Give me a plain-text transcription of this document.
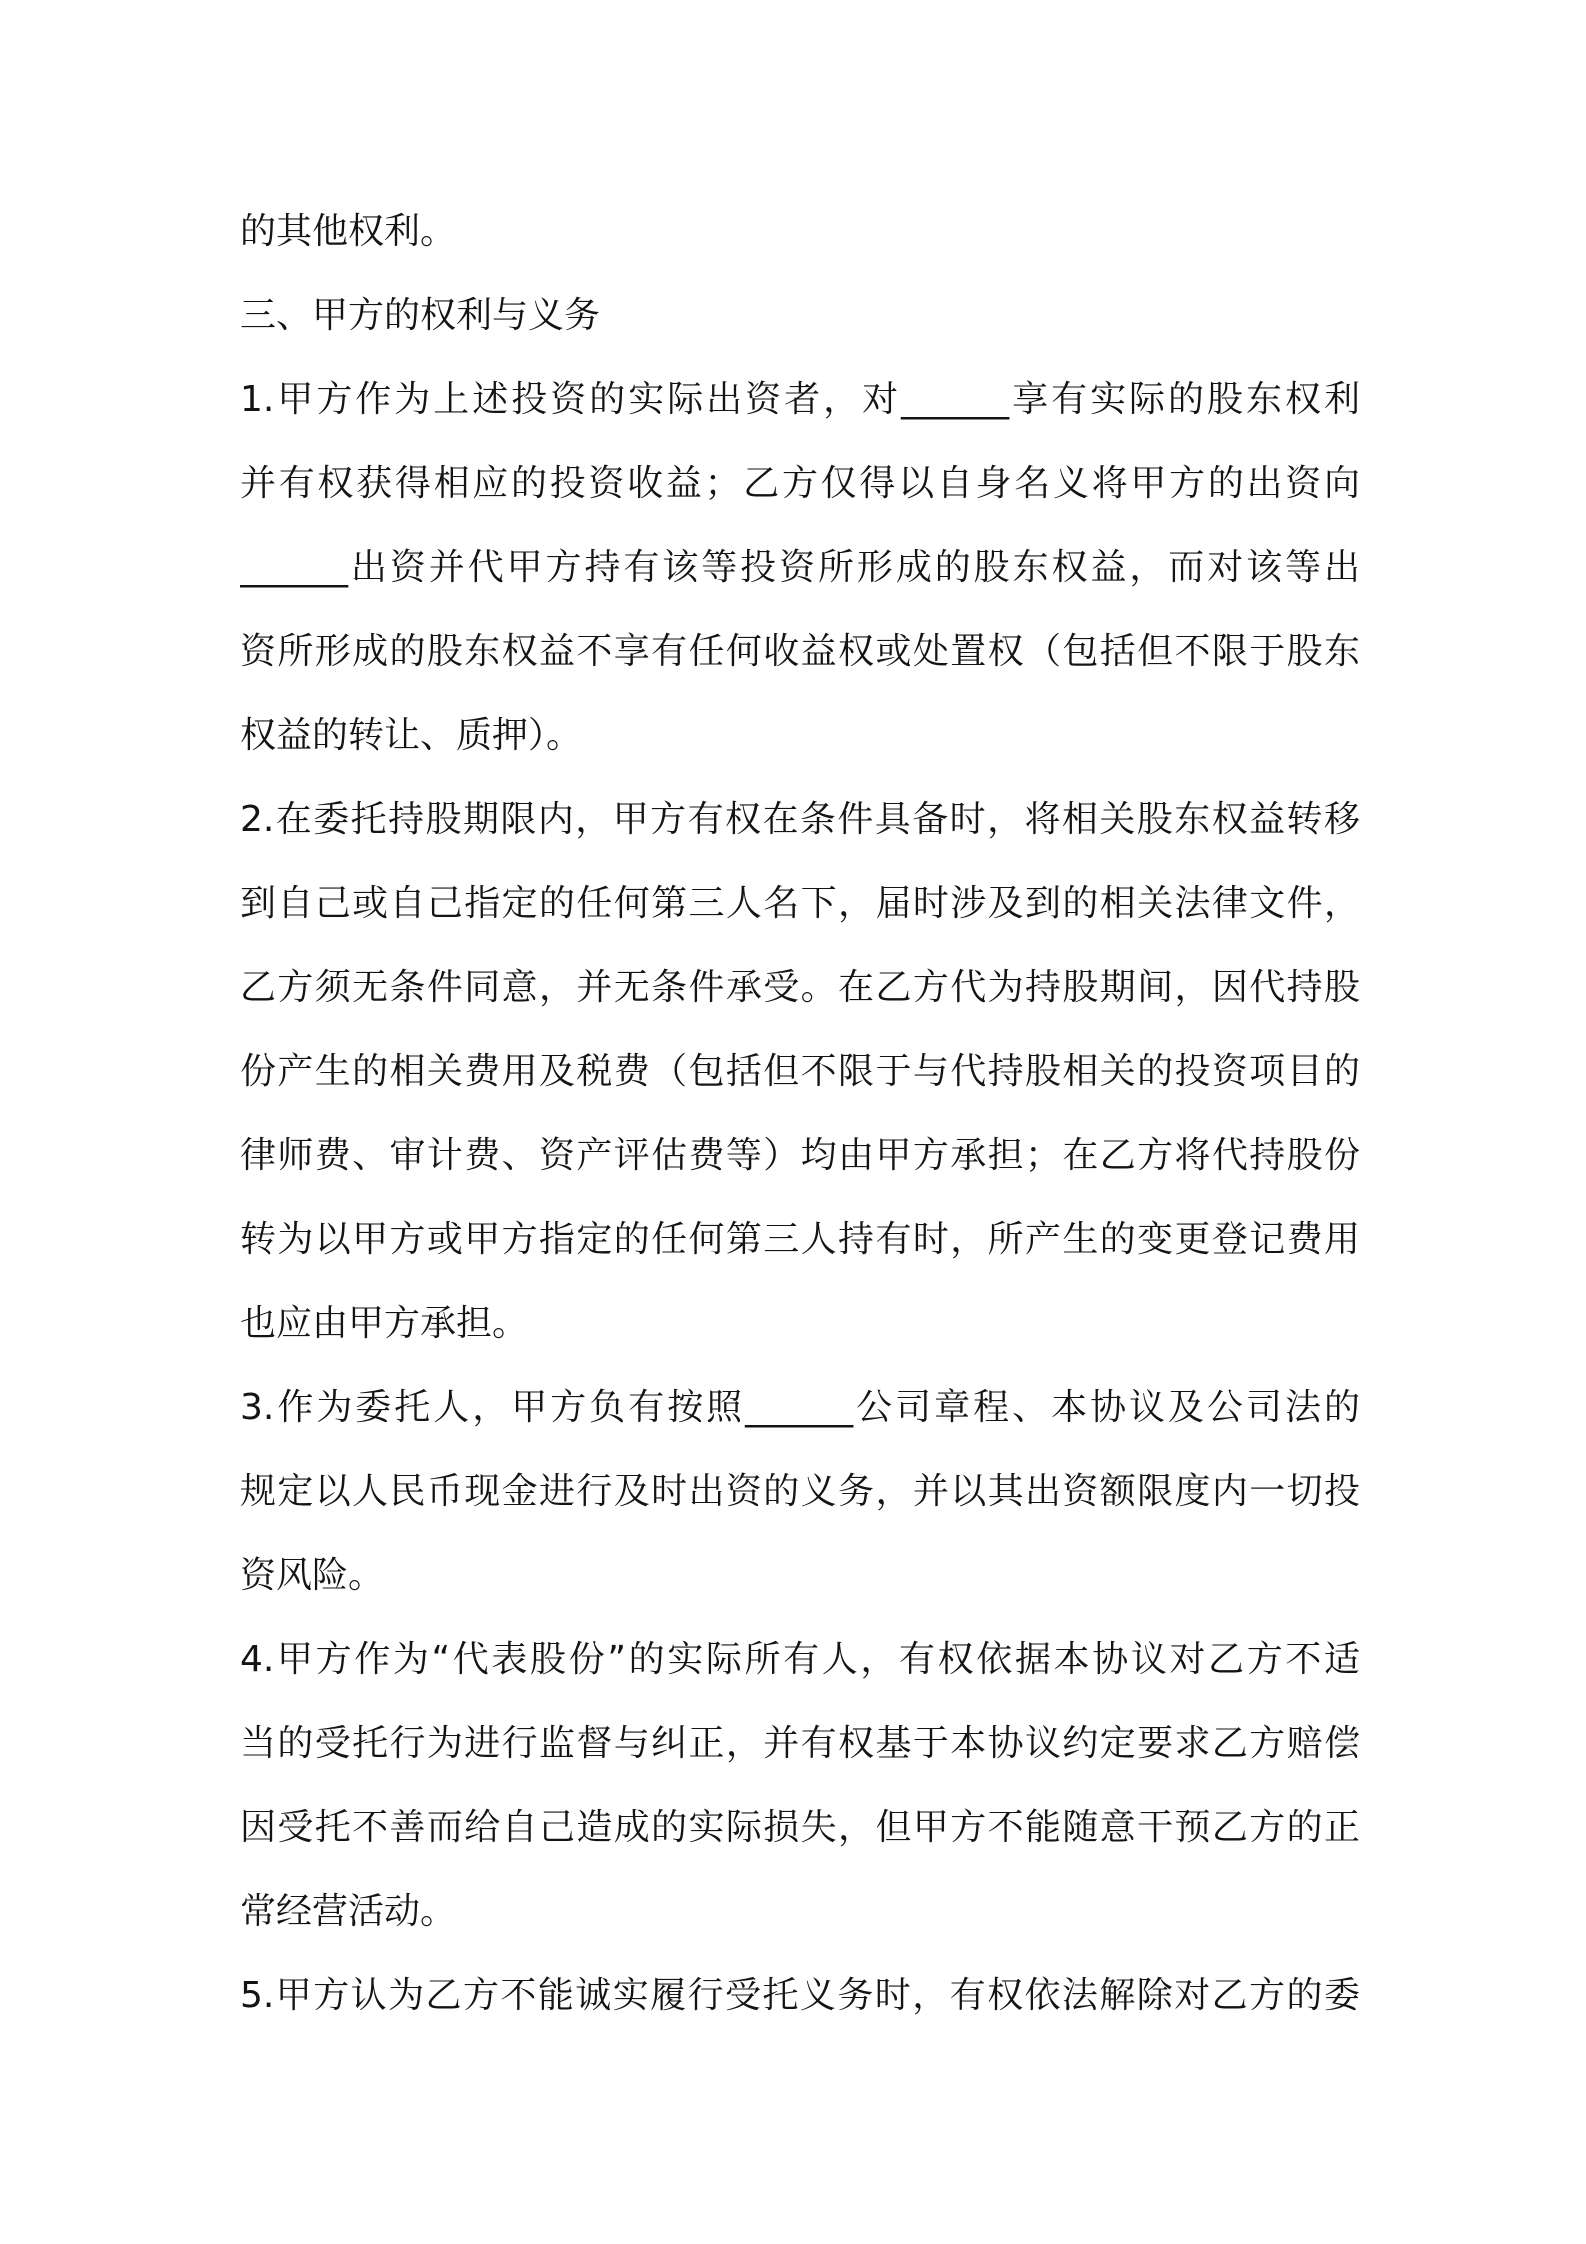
的其他权利。
三、甲方的权利与义务
1.甲方作为上述投资的实际出资者，对______享有实际的股东权利
并有权获得相应的投资收益；乙方仅得以自身名义将甲方的出资向
______出资并代甲方持有该等投资所形成的股东权益，而对该等出
资所形成的股东权益不享有任何收益权或处置权（包括但不限于股东
权益的转让、质押）。
2.在委托持股期限内，甲方有权在条件具备时，将相关股东权益转移
到自己或自己指定的任何第三人名下，届时涉及到的相关法律文件，
乙方须无条件同意，并无条件承受。在乙方代为持股期间，因代持股
份产生的相关费用及税费（包括但不限于与代持股相关的投资项目的
律师费、审计费、资产评估费等）均由甲方承担；在乙方将代持股份
转为以甲方或甲方指定的任何第三人持有时，所产生的变更登记费用
也应由甲方承担。
3.作为委托人，甲方负有按照______公司章程、本协议及公司法的
规定以人民币现金进行及时出资的义务，并以其出资额限度内一切投
资风险。
4.甲方作为“代表股份”的实际所有人，有权依据本协议对乙方不适
当的受托行为进行监督与纠正，并有权基于本协议约定要求乙方赔偿
因受托不善而给自己造成的实际损失，但甲方不能随意干预乙方的正
常经营活动。
5.甲方认为乙方不能诚实履行受托义务时，有权依法解除对乙方的委
